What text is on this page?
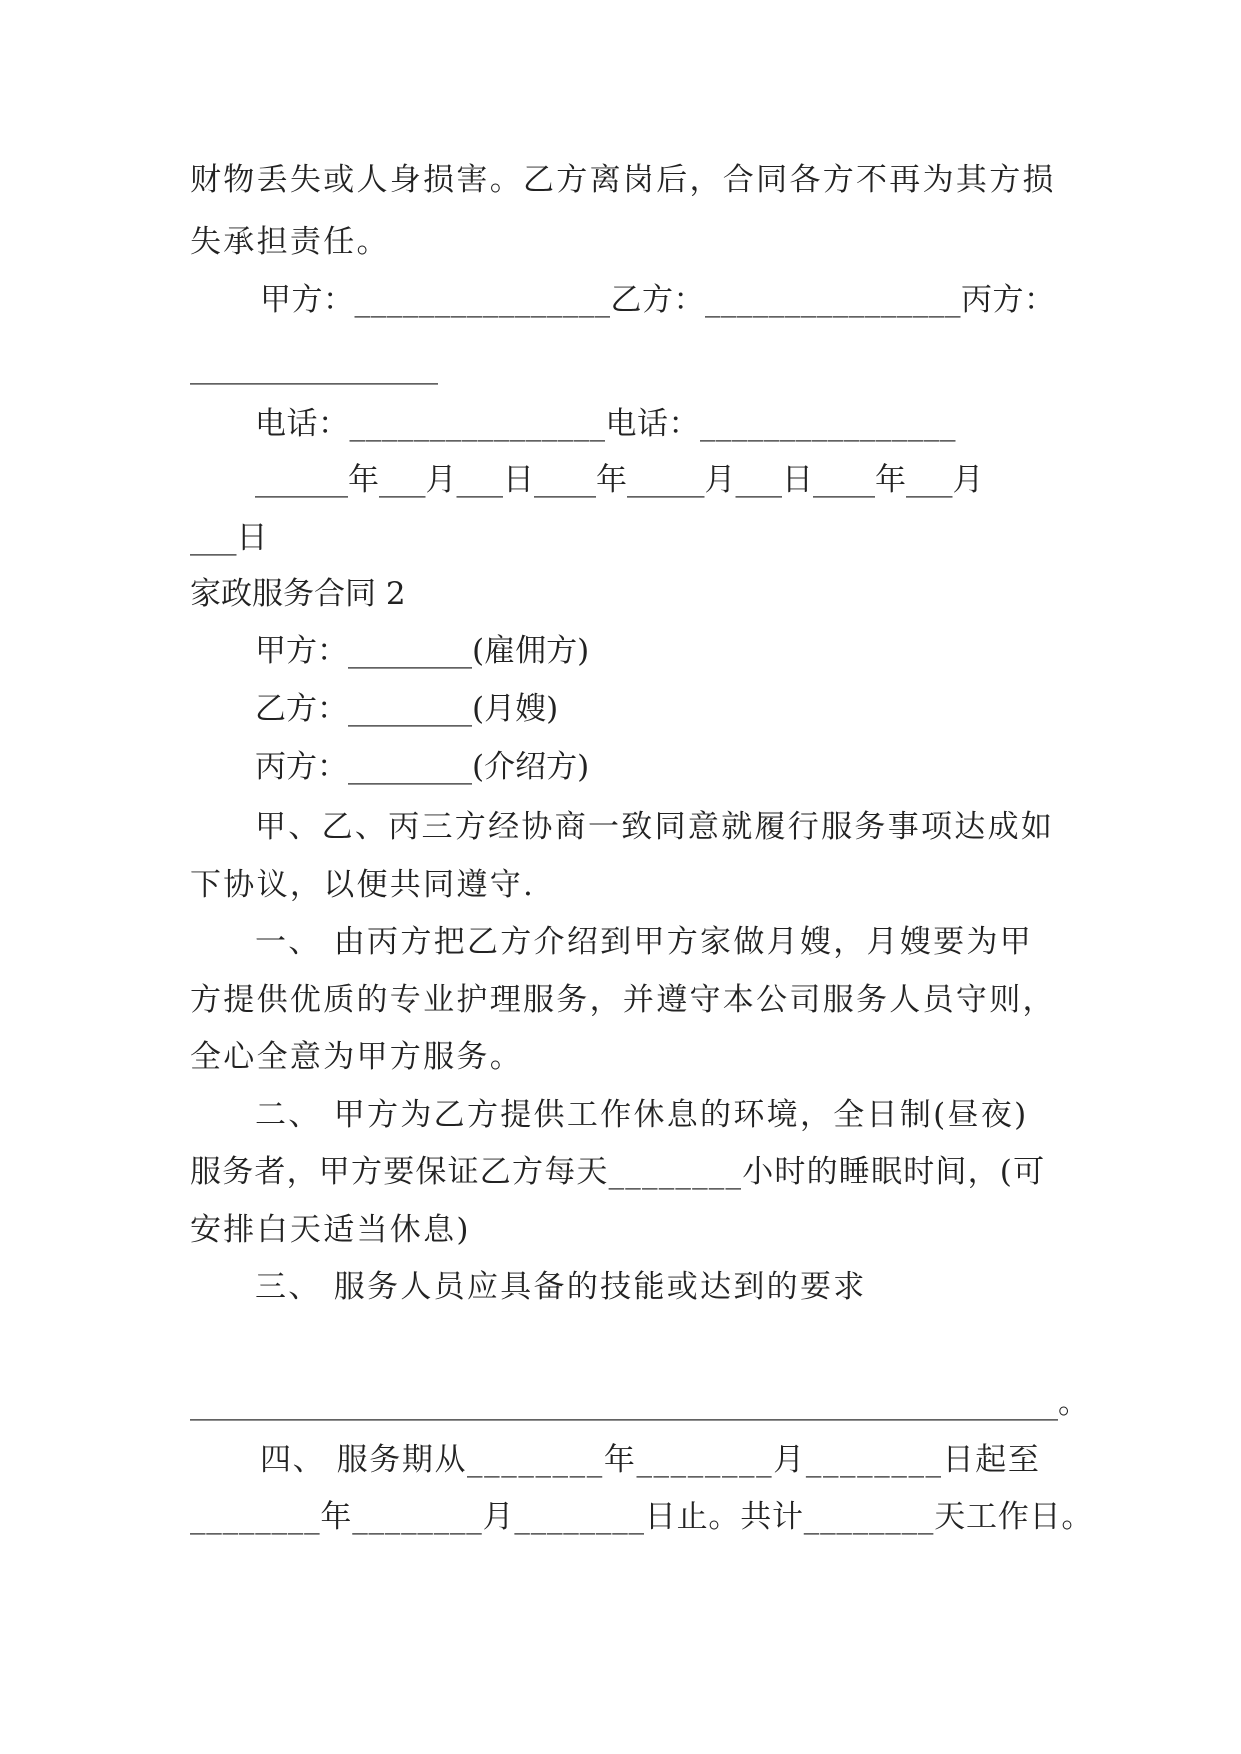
财物丢失或人身损害。乙方离岗后，合同各方不再为其方损

失承担责任。

甲方：________________乙方：________________丙方：

________________

电话：________________电话：________________

______年___月___日____年_____月___日____年___月

___日

家政服务合同 2

甲方：________(雇佣方)

乙方：________(月嫂)

丙方：________(介绍方)

甲、乙、丙三方经协商一致同意就履行服务事项达成如

下协议，以便共同遵守.

一、 由丙方把乙方介绍到甲方家做月嫂，月嫂要为甲

方提供优质的专业护理服务，并遵守本公司服务人员守则，

全心全意为甲方服务。

二、 甲方为乙方提供工作休息的环境，全日制(昼夜)

服务者，甲方要保证乙方每天________小时的睡眠时间，(可

安排白天适当休息)

三、 服务人员应具备的技能或达到的要求

________________________________________________________。

四、 服务期从________年________月________日起至

________年________月________日止。共计________天工作日。
